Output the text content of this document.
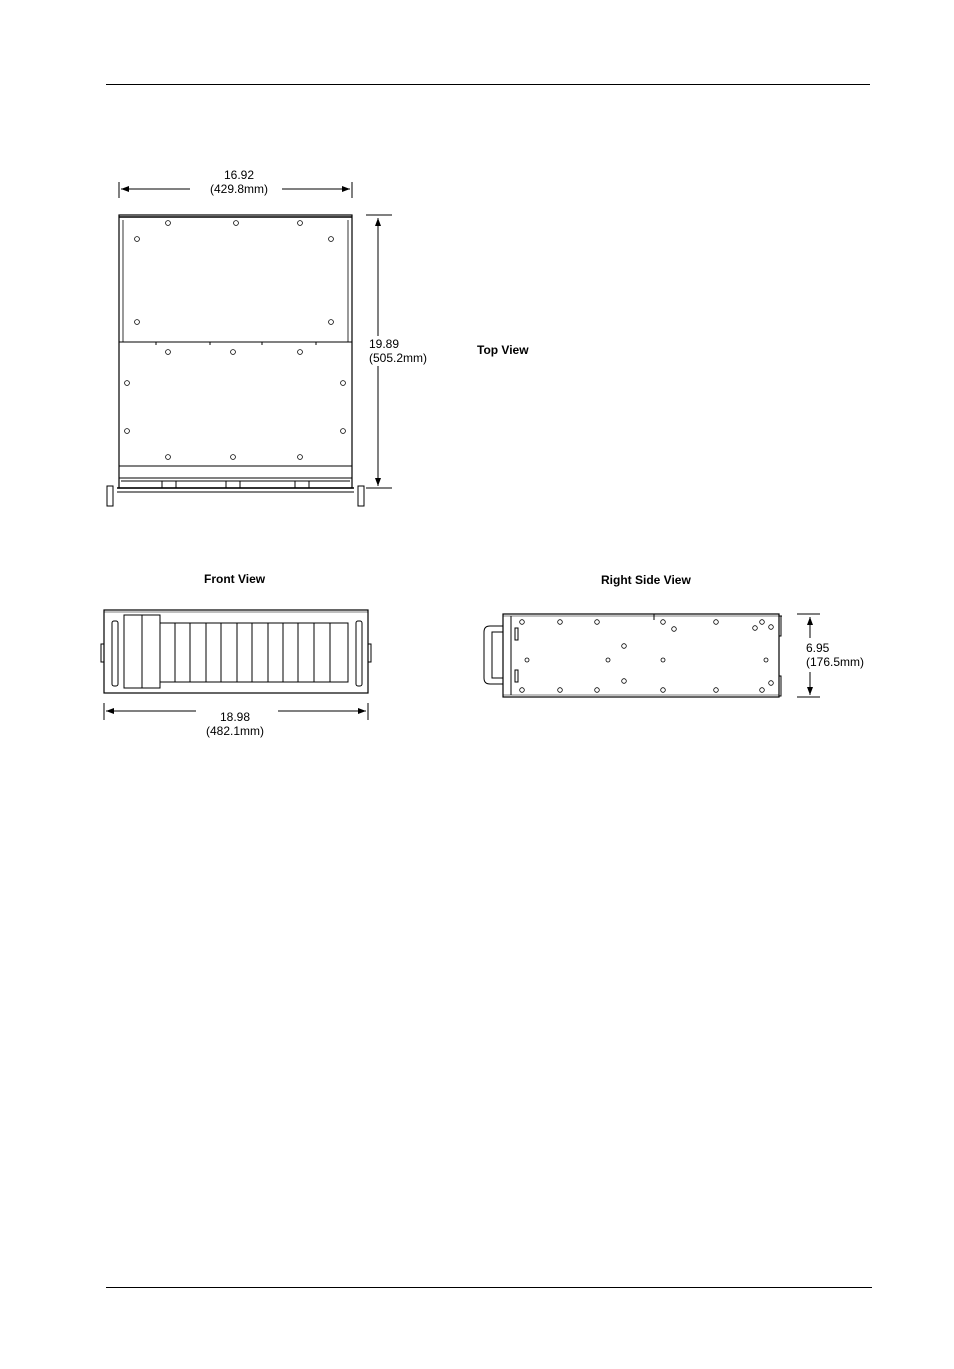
16.92
(429.8mm)
19.89
(505.2mm)
Top View
Front View
18.98
(482.1mm)
Right Side View
6.95
(176.5mm)
